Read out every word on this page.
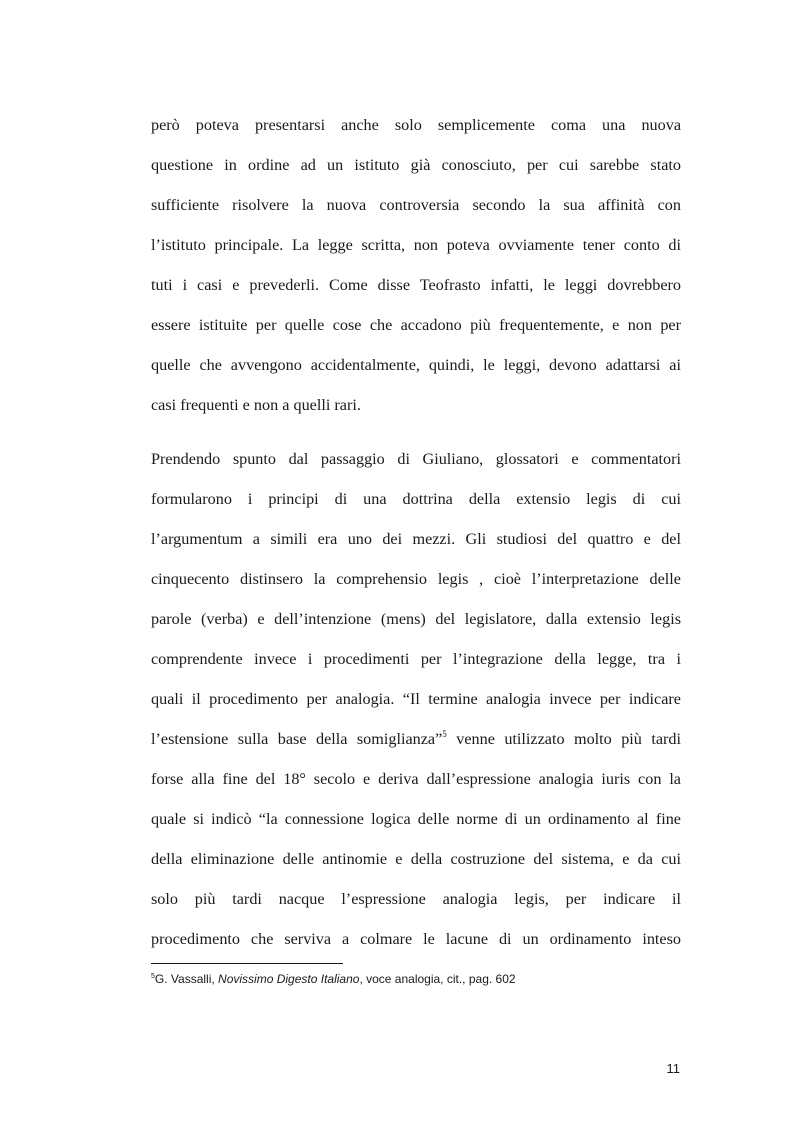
però poteva presentarsi anche solo semplicemente coma una nuova
questione in ordine ad un istituto già conosciuto, per cui sarebbe stato
sufficiente risolvere la nuova controversia secondo la sua affinità con
l’istituto principale. La legge scritta, non poteva ovviamente tener conto di
tuti i casi e prevederli. Come disse Teofrasto infatti, le leggi dovrebbero
essere istituite per quelle cose che accadono più frequentemente, e non per
quelle che avvengono accidentalmente, quindi, le leggi, devono adattarsi ai
casi frequenti e non a quelli rari.
Prendendo spunto dal passaggio di Giuliano, glossatori e commentatori
formularono i principi di una dottrina della extensio legis di cui
l’argumentum a simili era uno dei mezzi. Gli studiosi del quattro e del
cinquecento distinsero la comprehensio legis , cioè l’interpretazione delle
parole (verba) e dell’intenzione (mens) del legislatore, dalla extensio legis
comprendente invece i procedimenti per l’integrazione della legge, tra i
quali il procedimento per analogia. “Il termine analogia invece per indicare
l’estensione sulla base della somiglianza”$^5$ venne utilizzato molto più tardi
forse alla fine del 18° secolo e deriva dall’espressione analogia iuris con la
quale si indicò “la connessione logica delle norme di un ordinamento al fine
della eliminazione delle antinomie e della costruzione del sistema, e da cui
solo più tardi nacque l’espressione analogia legis, per indicare il
procedimento che serviva a colmare le lacune di un ordinamento inteso
$^5$G. Vassalli, Novissimo Digesto Italiano, voce analogia, cit., pag. 602
11
